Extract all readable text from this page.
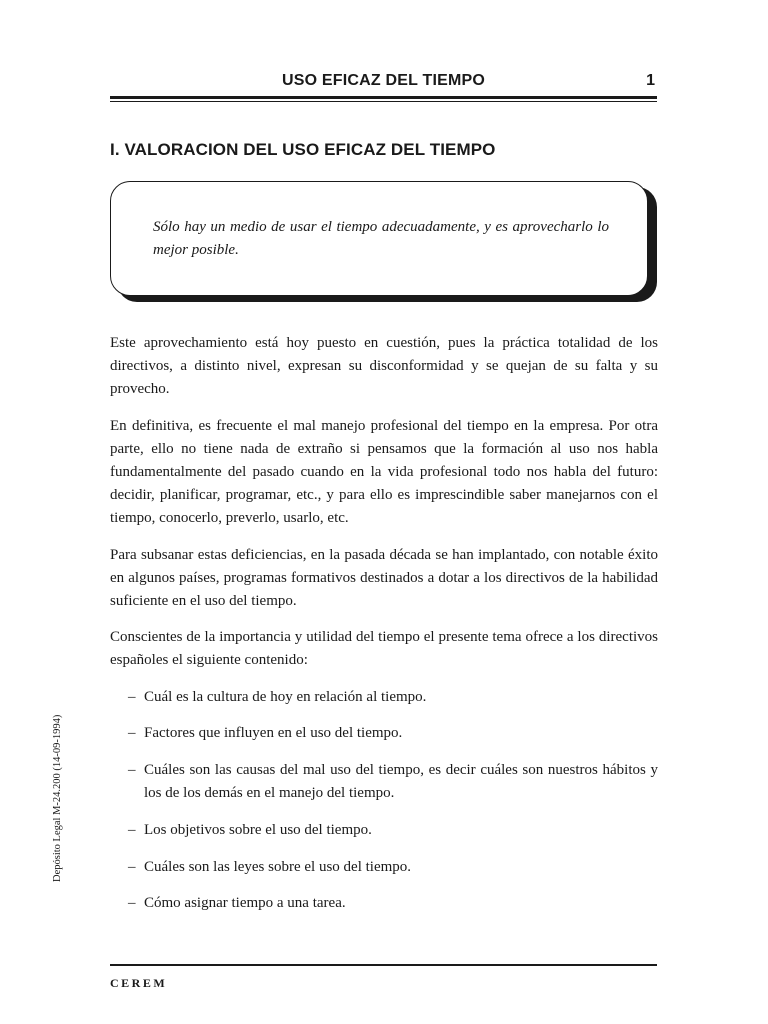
USO EFICAZ DEL TIEMPO	1
I. VALORACION DEL USO EFICAZ DEL TIEMPO
Sólo hay un medio de usar el tiempo adecuadamente, y es aprovecharlo lo mejor posible.

Este aprovechamiento está hoy puesto en cuestión, pues la práctica totalidad de los directivos, a distinto nivel, expresan su disconformidad y se quejan de su falta y su provecho.

En definitiva, es frecuente el mal manejo profesional del tiempo en la empresa. Por otra parte, ello no tiene nada de extraño si pensamos que la formación al uso nos habla fundamentalmente del pasado cuando en la vida profesional todo nos habla del futuro: decidir, planificar, programar, etc., y para ello es imprescindible saber manejarnos con el tiempo, conocerlo, preverlo, usarlo, etc.

Para subsanar estas deficiencias, en la pasada década se han implantado, con notable éxito en algunos países, programas formativos destinados a dotar a los directivos de la habilidad suficiente en el uso del tiempo.

Conscientes de la importancia y utilidad del tiempo el presente tema ofrece a los directivos españoles el siguiente contenido:

– Cuál es la cultura de hoy en relación al tiempo.
– Factores que influyen en el uso del tiempo.
– Cuáles son las causas del mal uso del tiempo, es decir cuáles son nuestros hábitos y los de los demás en el manejo del tiempo.
– Los objetivos sobre el uso del tiempo.
– Cuáles son las leyes sobre el uso del tiempo.
– Cómo asignar tiempo a una tarea.
Depósito Legal M-24.200 (14-09-1994)
CEREM
